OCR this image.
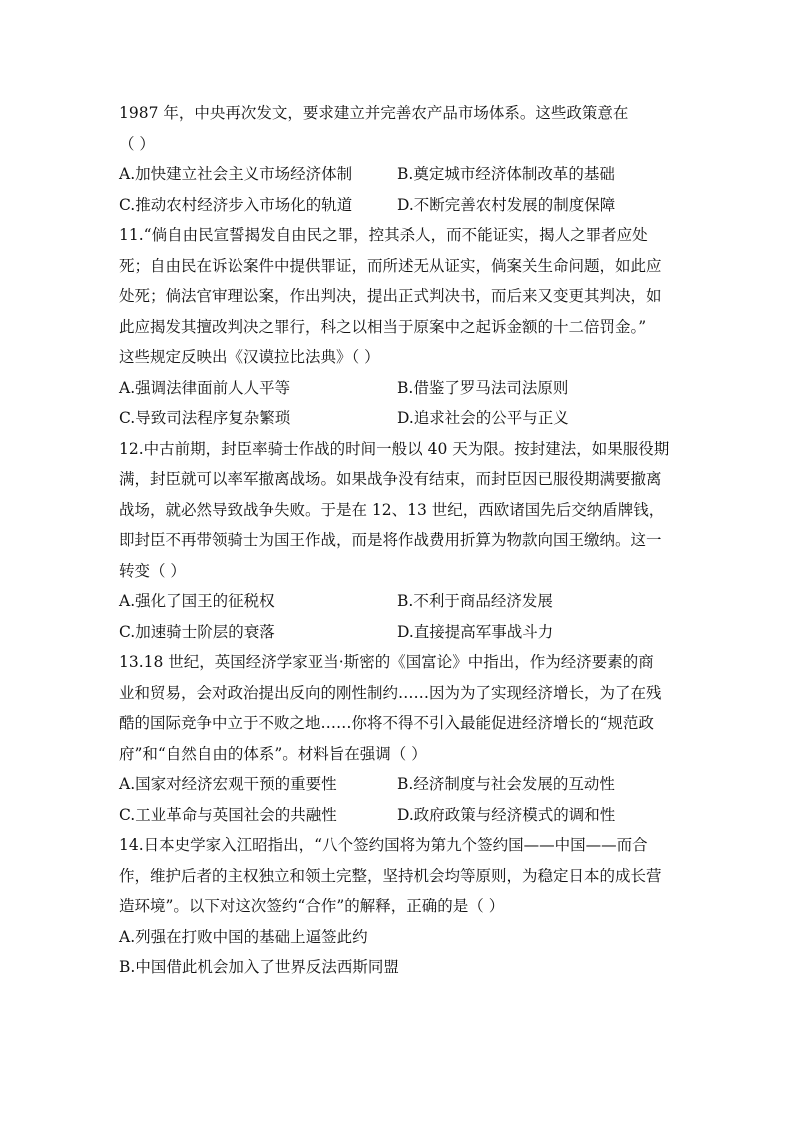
1987 年，中央再次发文，要求建立并完善农产品市场体系。这些政策意在
（ ）
A.加快建立社会主义市场经济体制	B.奠定城市经济体制改革的基础
C.推动农村经济步入市场化的轨道	D.不断完善农村发展的制度保障
11.“倘自由民宣誓揭发自由民之罪，控其杀人，而不能证实，揭人之罪者应处
死；自由民在诉讼案件中提供罪证，而所述无从证实，倘案关生命问题，如此应
处死；倘法官审理讼案，作出判决，提出正式判决书，而后来又变更其判决，如
此应揭发其擅改判决之罪行，科之以相当于原案中之起诉金额的十二倍罚金。”
这些规定反映出《汉谟拉比法典》（ ）
A.强调法律面前人人平等	B.借鉴了罗马法司法原则
C.导致司法程序复杂繁琐	D.追求社会的公平与正义
12.中古前期，封臣率骑士作战的时间一般以 40 天为限。按封建法，如果服役期
满，封臣就可以率军撤离战场。如果战争没有结束，而封臣因已服役期满要撤离
战场，就必然导致战争失败。于是在 12、13 世纪，西欧诸国先后交纳盾牌钱，
即封臣不再带领骑士为国王作战，而是将作战费用折算为物款向国王缴纳。这一
转变（ ）
A.强化了国王的征税权	B.不利于商品经济发展
C.加速骑士阶层的衰落	D.直接提高军事战斗力
13.18 世纪，英国经济学家亚当·斯密的《国富论》中指出，作为经济要素的商
业和贸易，会对政治提出反向的刚性制约……因为为了实现经济增长，为了在残
酷的国际竞争中立于不败之地……你将不得不引入最能促进经济增长的“规范政
府”和“自然自由的体系”。材料旨在强调（ ）
A.国家对经济宏观干预的重要性	B.经济制度与社会发展的互动性
C.工业革命与英国社会的共融性	D.政府政策与经济模式的调和性
14.日本史学家入江昭指出，“八个签约国将为第九个签约国——中国——而合
作，维护后者的主权独立和领土完整，坚持机会均等原则，为稳定日本的成长营
造环境”。以下对这次签约“合作”的解释，正确的是（ ）
A.列强在打败中国的基础上逼签此约
B.中国借此机会加入了世界反法西斯同盟
